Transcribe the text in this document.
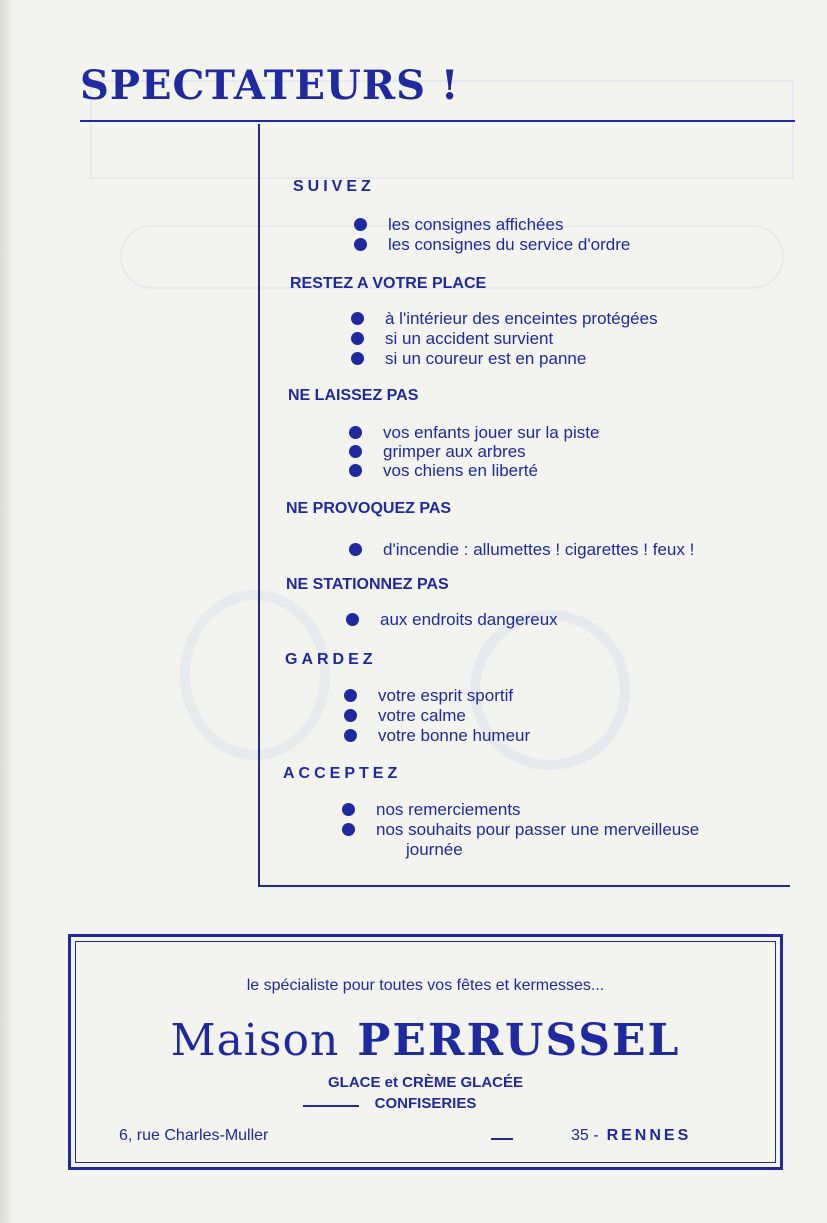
SPECTATEURS !
SUIVEZ
les consignes affichées
les consignes du service d'ordre
RESTEZ A VOTRE PLACE
à l'intérieur des enceintes protégées
si un accident survient
si un coureur est en panne
NE LAISSEZ PAS
vos enfants jouer sur la piste
grimper aux arbres
vos chiens en liberté
NE PROVOQUEZ PAS
d'incendie : allumettes ! cigarettes ! feux !
NE STATIONNEZ PAS
aux endroits dangereux
GARDEZ
votre esprit sportif
votre calme
votre bonne humeur
ACCEPTEZ
nos remerciements
nos souhaits pour passer une merveilleuse
journée
le spécialiste pour toutes vos fêtes et kermesses...
Maison PERRUSSEL
GLACE et CRÈME GLACÉE
CONFISERIES
6, rue Charles-Muller	35 - RENNES
